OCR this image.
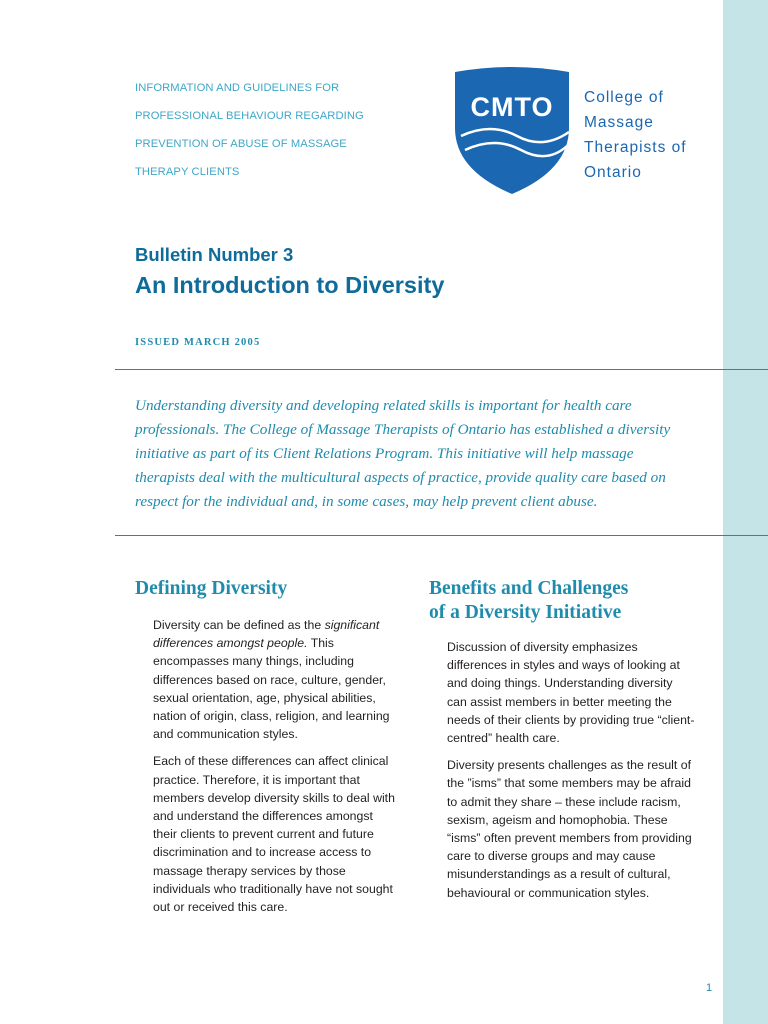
INFORMATION AND GUIDELINES FOR
PROFESSIONAL BEHAVIOUR REGARDING
PREVENTION OF ABUSE OF MASSAGE
THERAPY CLIENTS
CMTO College of
Massage
Therapists of
Ontario
Bulletin Number 3
An Introduction to Diversity
ISSUED MARCH 2005
Understanding diversity and developing related skills is important for health care professionals. The College of Massage Therapists of Ontario has established a diversity initiative as part of its Client Relations Program. This initiative will help massage therapists deal with the multicultural aspects of practice, provide quality care based on respect for the individual and, in some cases, may help prevent client abuse.
Defining Diversity

Diversity can be defined as the significant differences amongst people. This encompasses many things, including differences based on race, culture, gender, sexual orientation, age, physical abilities, nation of origin, class, religion, and learning and communication styles.

Each of these differences can affect clinical practice. Therefore, it is important that members develop diversity skills to deal with and understand the differences amongst their clients to prevent current and future discrimination and to increase access to massage therapy services by those individuals who traditionally have not sought out or received this care.

Benefits and Challenges
of a Diversity Initiative

Discussion of diversity emphasizes differences in styles and ways of looking at and doing things. Understanding diversity can assist members in better meeting the needs of their clients by providing true “client-centred” health care.

Diversity presents challenges as the result of the ”isms” that some members may be afraid to admit they share – these include racism, sexism, ageism and homophobia. These “isms” often prevent members from providing care to diverse groups and may cause misunderstandings as a result of cultural, behavioural or communication styles.

1
